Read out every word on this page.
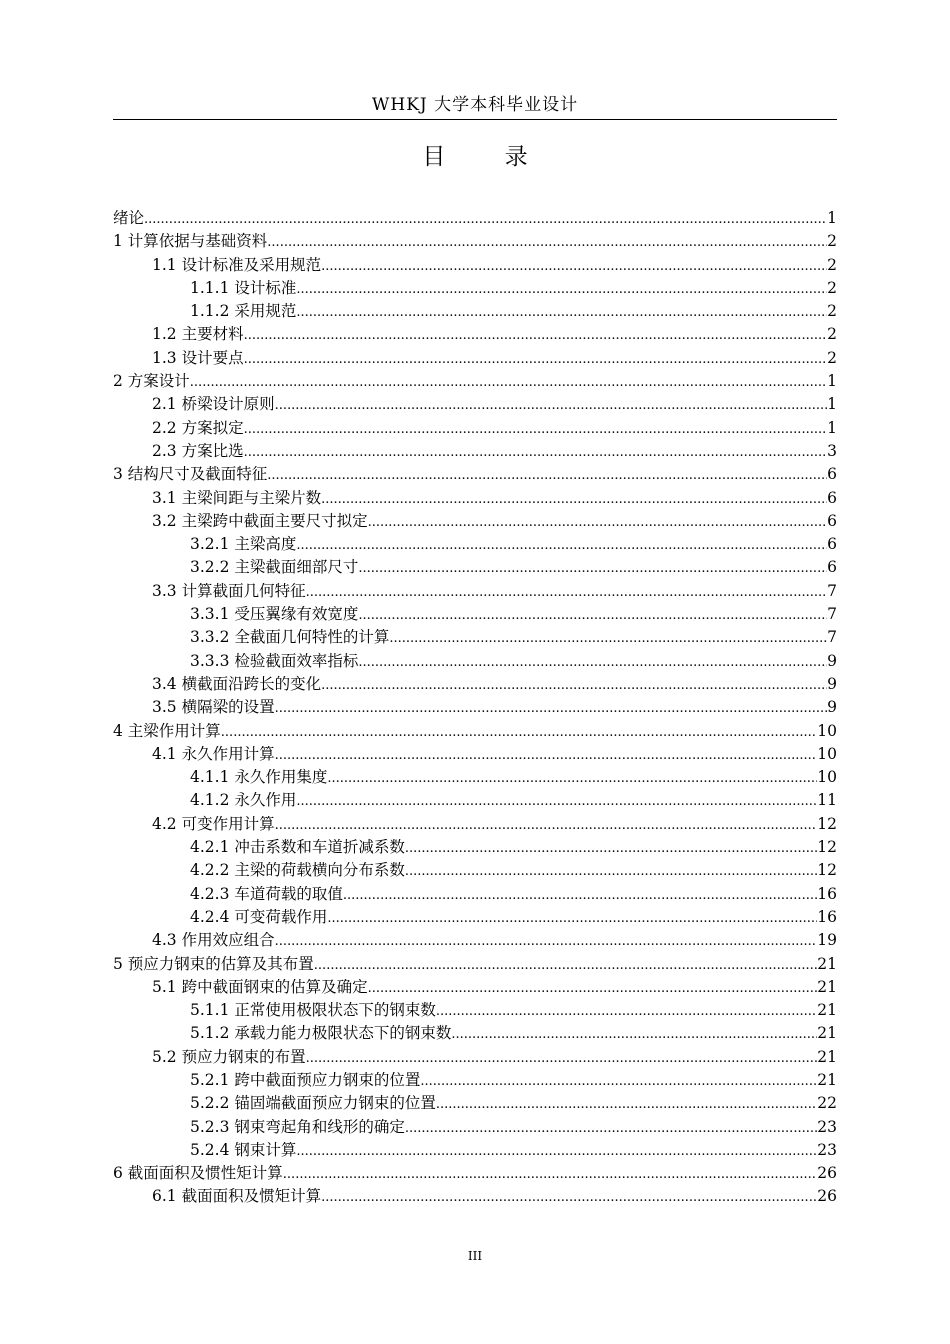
WHKJ 大学本科毕业设计
目 录
绪论 .....	1
1 计算依据与基础资料 .....	2
1.1 设计标准及采用规范 .....	2
1.1.1 设计标准 .....	2
1.1.2 采用规范 .....	2
1.2 主要材料 .....	2
1.3 设计要点 .....	2
2 方案设计 .....	1
2.1 桥梁设计原则 .....	1
2.2 方案拟定 .....	1
2.3 方案比选 .....	3
3 结构尺寸及截面特征 .....	6
3.1 主梁间距与主梁片数 .....	6
3.2 主梁跨中截面主要尺寸拟定 .....	6
3.2.1 主梁高度 .....	6
3.2.2 主梁截面细部尺寸 .....	6
3.3 计算截面几何特征 .....	7
3.3.1 受压翼缘有效宽度 .....	7
3.3.2 全截面几何特性的计算 .....	7
3.3.3 检验截面效率指标 .....	9
3.4 横截面沿跨长的变化 .....	9
3.5 横隔梁的设置 .....	9
4 主梁作用计算 .....	10
4.1 永久作用计算 .....	10
4.1.1 永久作用集度 .....	10
4.1.2 永久作用 .....	11
4.2 可变作用计算 .....	12
4.2.1 冲击系数和车道折减系数 .....	12
4.2.2 主梁的荷载横向分布系数 .....	12
4.2.3 车道荷载的取值 .....	16
4.2.4 可变荷载作用 .....	16
4.3 作用效应组合 .....	19
5 预应力钢束的估算及其布置 .....	21
5.1 跨中截面钢束的估算及确定 .....	21
5.1.1 正常使用极限状态下的钢束数 .....	21
5.1.2 承载力能力极限状态下的钢束数 .....	21
5.2 预应力钢束的布置 .....	21
5.2.1 跨中截面预应力钢束的位置 .....	21
5.2.2 锚固端截面预应力钢束的位置 .....	22
5.2.3 钢束弯起角和线形的确定 .....	23
5.2.4 钢束计算 .....	23
6 截面面积及惯性矩计算 .....	26
6.1 截面面积及惯矩计算 .....	26
III
